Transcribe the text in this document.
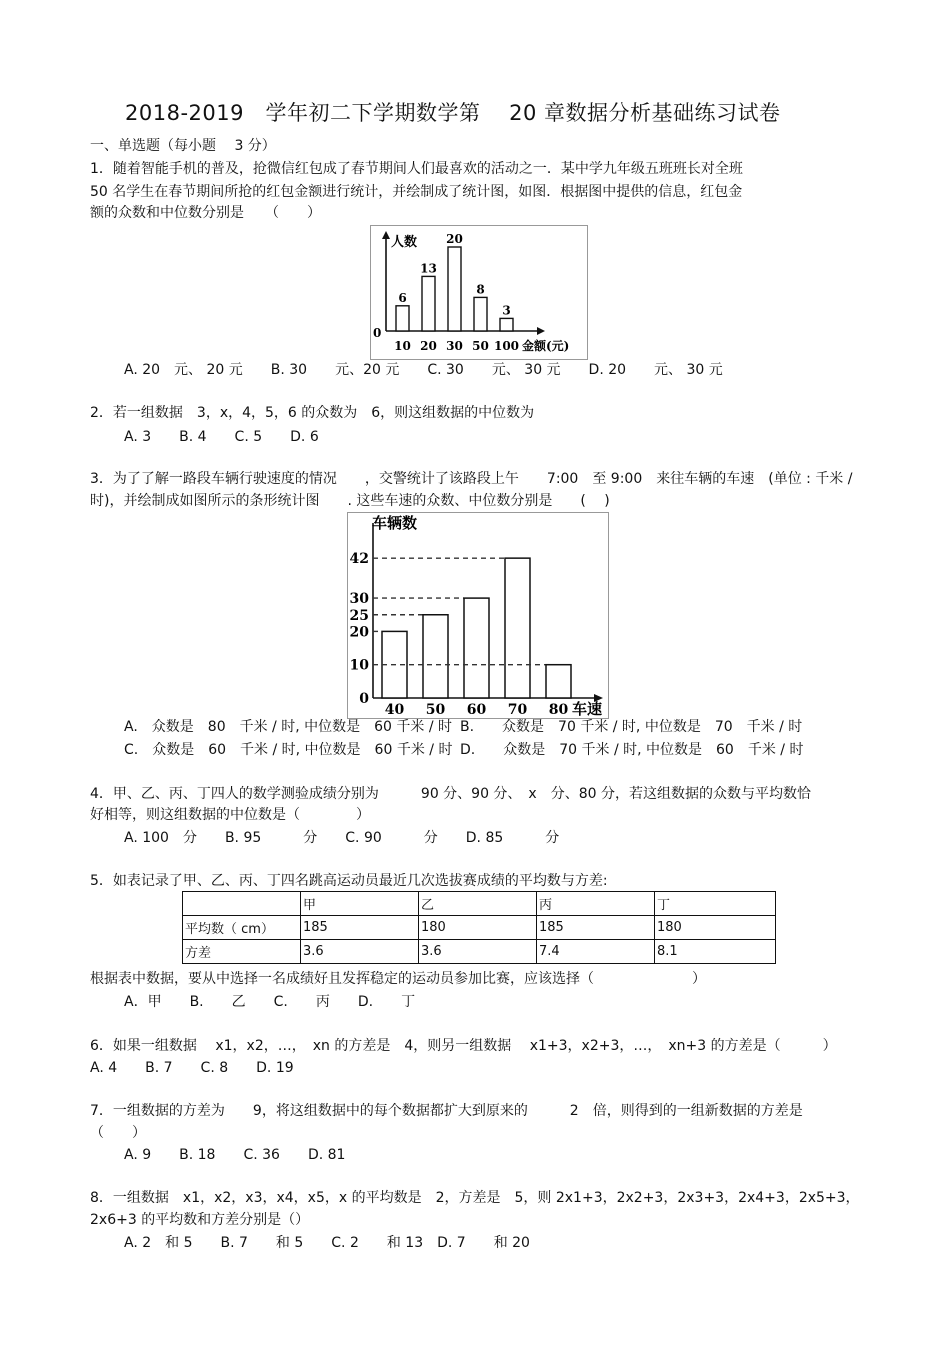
2018-2019　学年初二下学期数学第　 20 章数据分析基础练习试卷
一、单选题（每小题　 3 分）
1．随着智能手机的普及，抢微信红包成了春节期间人们最喜欢的活动之一．某中学九年级五班班长对全班
50 名学生在春节期间所抢的红包金额进行统计，并绘制成了统计图，如图．根据图中提供的信息，红包金
额的众数和中位数分别是　　（　　）
人数
0
金额(元)
6
10
13
20
20
30
8
50
3
100
A. 20　元、 20 元　　B. 30　　元、20 元　　C. 30　　元、 30 元　　D. 20　　元、 30 元
2．若一组数据　3，x，4，5，6 的众数为　6，则这组数据的中位数为
A. 3　　B. 4　　C. 5　　D. 6
3．为了了解一路段车辆行驶速度的情况　　，交警统计了该路段上午　　7:00　至 9:00　来往车辆的车速　(单位 : 千米 /
时)，并绘制成如图所示的条形统计图　　. 这些车速的众数、中位数分别是　　(　 )
车辆数
0
10
20
25
30
42
40 50 60 70 80 车速
A.　众数是　80　千米 / 时, 中位数是　60 千米 / 时 B.　　众数是　70 千米 / 时, 中位数是　70　千米 / 时
C.　众数是　60　千米 / 时, 中位数是　60 千米 / 时 D.　　众数是　70 千米 / 时, 中位数是　60　千米 / 时
4．甲、乙、丙、丁四人的数学测验成绩分别为　　　90 分、90 分、　x　分、80 分，若这组数据的众数与平均数恰
好相等，则这组数据的中位数是（　　　　）
A. 100　分　　B. 95　　　分　　C. 90　　　分　　D. 85　　　分
5．如表记录了甲、乙、丙、丁四名跳高运动员最近几次选拔赛成绩的平均数与方差:
	甲	乙	丙	丁
平均数（ cm）	185	180	185	180
方差	3.6	3.6	7.4	8.1
根据表中数据，要从中选择一名成绩好且发挥稳定的运动员参加比赛，应该选择（　　　　　　　）
A．甲　　B.　　乙　　C.　　丙　　D.　　丁
6．如果一组数据　 x1，x2，…，　xn 的方差是　4，则另一组数据　 x1+3，x2+3，…，　xn+3 的方差是（　　　）
A. 4　　B. 7　　C. 8　　D. 19
7．一组数据的方差为　　9，将这组数据中的每个数据都扩大到原来的　　　2　倍，则得到的一组新数据的方差是
（　　）
A. 9　　B. 18　　C. 36　　D. 81
8．一组数据　x1，x2，x3，x4，x5，x 的平均数是　2，方差是　5，则 2x1+3，2x2+3，2x3+3，2x4+3，2x5+3，
2x6+3 的平均数和方差分别是（）
A. 2　和 5　　B. 7　　和 5　　C. 2　　和 13　D. 7　　和 20
